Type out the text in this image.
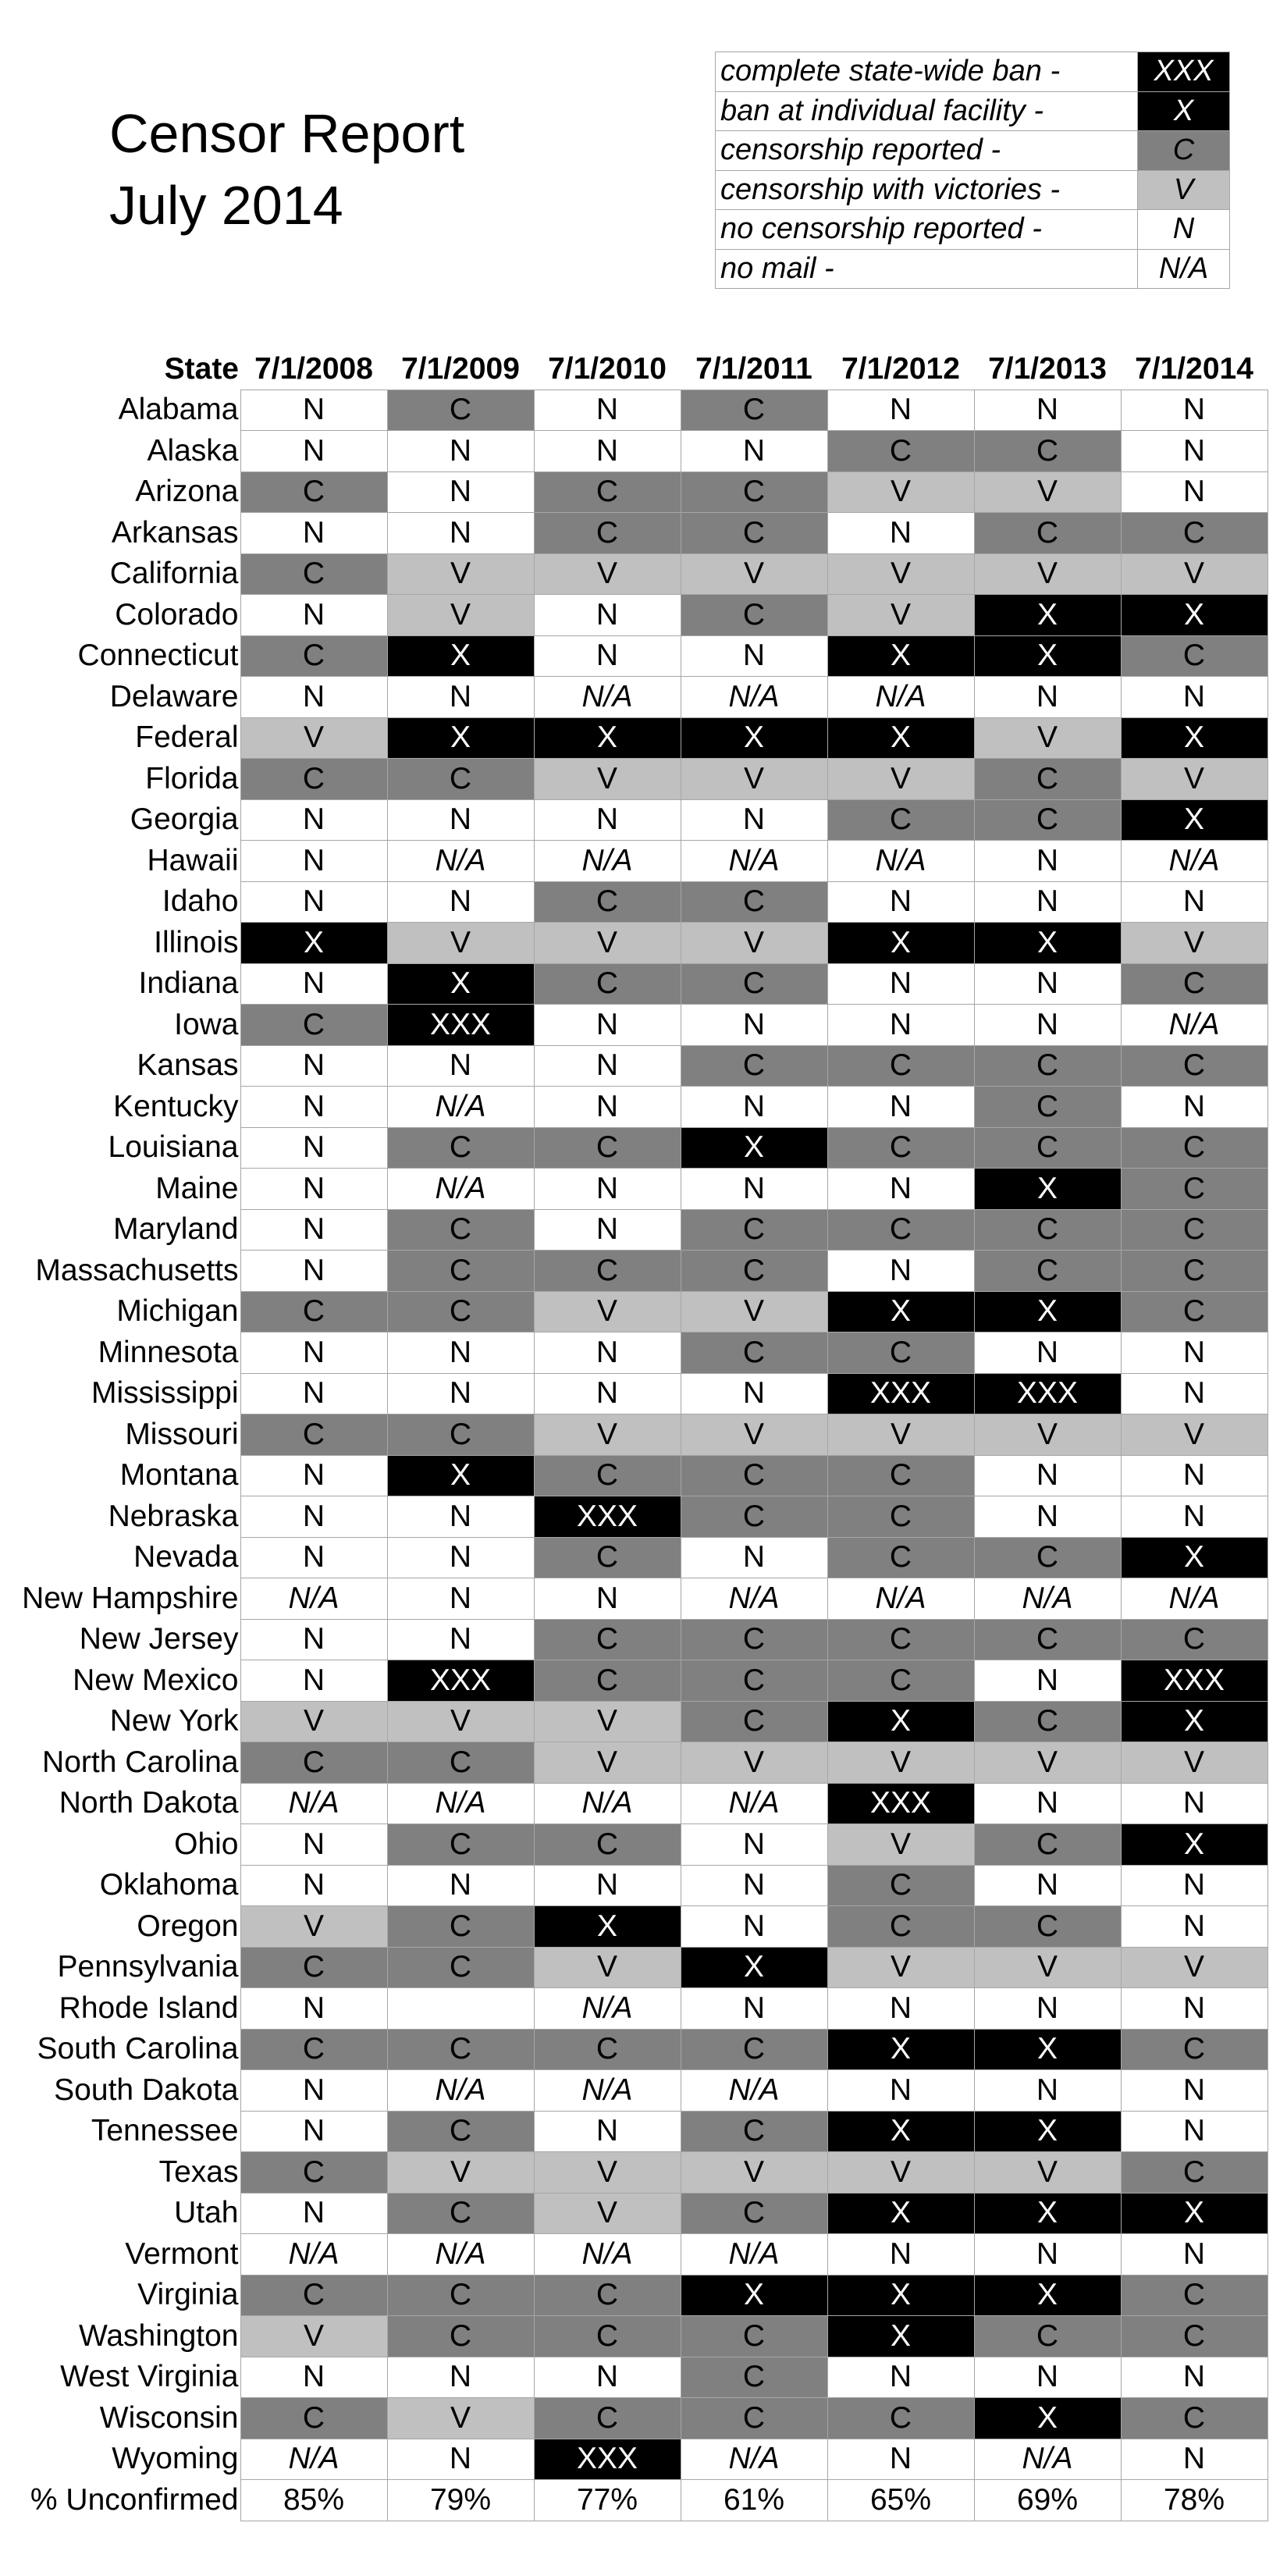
Censor Report
July 2014
complete state-wide ban -	XXX
ban at individual facility -	X
censorship reported -	C
censorship with victories -	V
no censorship reported -	N
no mail -	N/A
State	7/1/2008	7/1/2009	7/1/2010	7/1/2011	7/1/2012	7/1/2013	7/1/2014
Alabama	N	C	N	C	N	N	N
Alaska	N	N	N	N	C	C	N
Arizona	C	N	C	C	V	V	N
Arkansas	N	N	C	C	N	C	C
California	C	V	V	V	V	V	V
Colorado	N	V	N	C	V	X	X
Connecticut	C	X	N	N	X	X	C
Delaware	N	N	N/A	N/A	N/A	N	N
Federal	V	X	X	X	X	V	X
Florida	C	C	V	V	V	C	V
Georgia	N	N	N	N	C	C	X
Hawaii	N	N/A	N/A	N/A	N/A	N	N/A
Idaho	N	N	C	C	N	N	N
Illinois	X	V	V	V	X	X	V
Indiana	N	X	C	C	N	N	C
Iowa	C	XXX	N	N	N	N	N/A
Kansas	N	N	N	C	C	C	C
Kentucky	N	N/A	N	N	N	C	N
Louisiana	N	C	C	X	C	C	C
Maine	N	N/A	N	N	N	X	C
Maryland	N	C	N	C	C	C	C
Massachusetts	N	C	C	C	N	C	C
Michigan	C	C	V	V	X	X	C
Minnesota	N	N	N	C	C	N	N
Mississippi	N	N	N	N	XXX	XXX	N
Missouri	C	C	V	V	V	V	V
Montana	N	X	C	C	C	N	N
Nebraska	N	N	XXX	C	C	N	N
Nevada	N	N	C	N	C	C	X
New Hampshire	N/A	N	N	N/A	N/A	N/A	N/A
New Jersey	N	N	C	C	C	C	C
New Mexico	N	XXX	C	C	C	N	XXX
New York	V	V	V	C	X	C	X
North Carolina	C	C	V	V	V	V	V
North Dakota	N/A	N/A	N/A	N/A	XXX	N	N
Ohio	N	C	C	N	V	C	X
Oklahoma	N	N	N	N	C	N	N
Oregon	V	C	X	N	C	C	N
Pennsylvania	C	C	V	X	V	V	V
Rhode Island	N		N/A	N	N	N	N
South Carolina	C	C	C	C	X	X	C
South Dakota	N	N/A	N/A	N/A	N	N	N
Tennessee	N	C	N	C	X	X	N
Texas	C	V	V	V	V	V	C
Utah	N	C	V	C	X	X	X
Vermont	N/A	N/A	N/A	N/A	N	N	N
Virginia	C	C	C	X	X	X	C
Washington	V	C	C	C	X	C	C
West Virginia	N	N	N	C	N	N	N
Wisconsin	C	V	C	C	C	X	C
Wyoming	N/A	N	XXX	N/A	N	N/A	N
% Unconfirmed	85%	79%	77%	61%	65%	69%	78%
